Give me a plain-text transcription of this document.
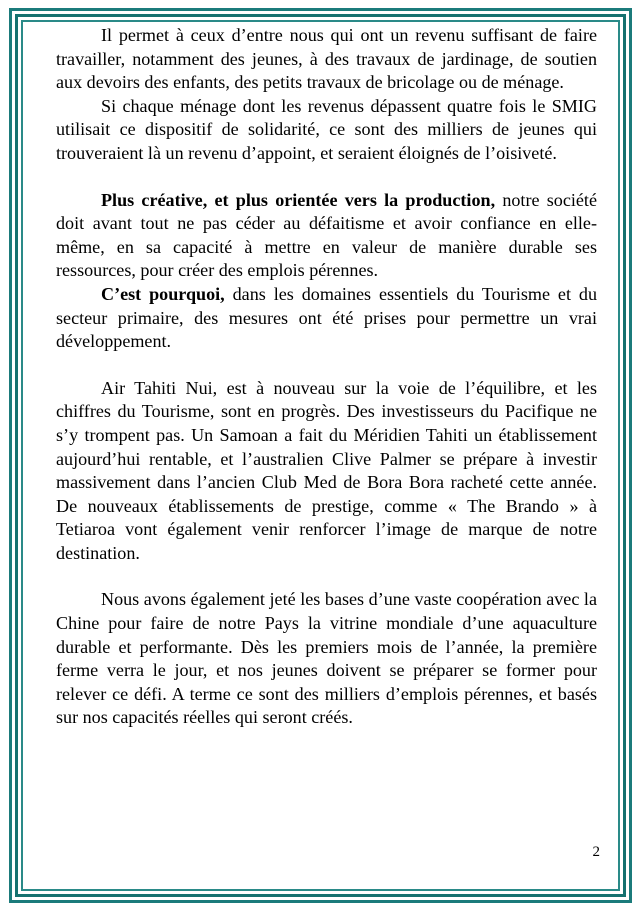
Il permet à ceux d’entre nous qui ont un revenu suffisant de faire travailler, notamment des jeunes, à des travaux de jardinage, de soutien aux devoirs des enfants, des petits travaux de bricolage ou de ménage.

Si chaque ménage dont les revenus dépassent quatre fois le SMIG utilisait ce dispositif de solidarité, ce sont des milliers de jeunes qui trouveraient là un revenu d’appoint, et seraient éloignés de l’oisiveté.

Plus créative, et plus orientée vers la production, notre société doit avant tout ne pas céder au défaitisme et avoir confiance en elle-même, en sa capacité à mettre en valeur de manière durable ses ressources, pour créer des emplois pérennes.

C’est pourquoi, dans les domaines essentiels du Tourisme et du secteur primaire, des mesures ont été prises pour permettre un vrai développement.

Air Tahiti Nui, est à nouveau sur la voie de l’équilibre, et les chiffres du Tourisme, sont en progrès. Des investisseurs du Pacifique ne s’y trompent pas. Un Samoan a fait du Méridien Tahiti un établissement aujourd’hui rentable, et l’australien Clive Palmer se prépare à investir massivement dans l’ancien Club Med de Bora Bora racheté cette année. De nouveaux établissements de prestige, comme « The Brando » à Tetiaroa vont également venir renforcer l’image de marque de notre destination.

Nous avons également jeté les bases d’une vaste coopération avec la Chine pour faire de notre Pays la vitrine mondiale d’une aquaculture durable et performante. Dès les premiers mois de l’année, la première ferme verra le jour, et nos jeunes doivent se préparer se former pour relever ce défi. A terme ce sont des milliers d’emplois pérennes, et basés sur nos capacités réelles qui seront créés.

2
